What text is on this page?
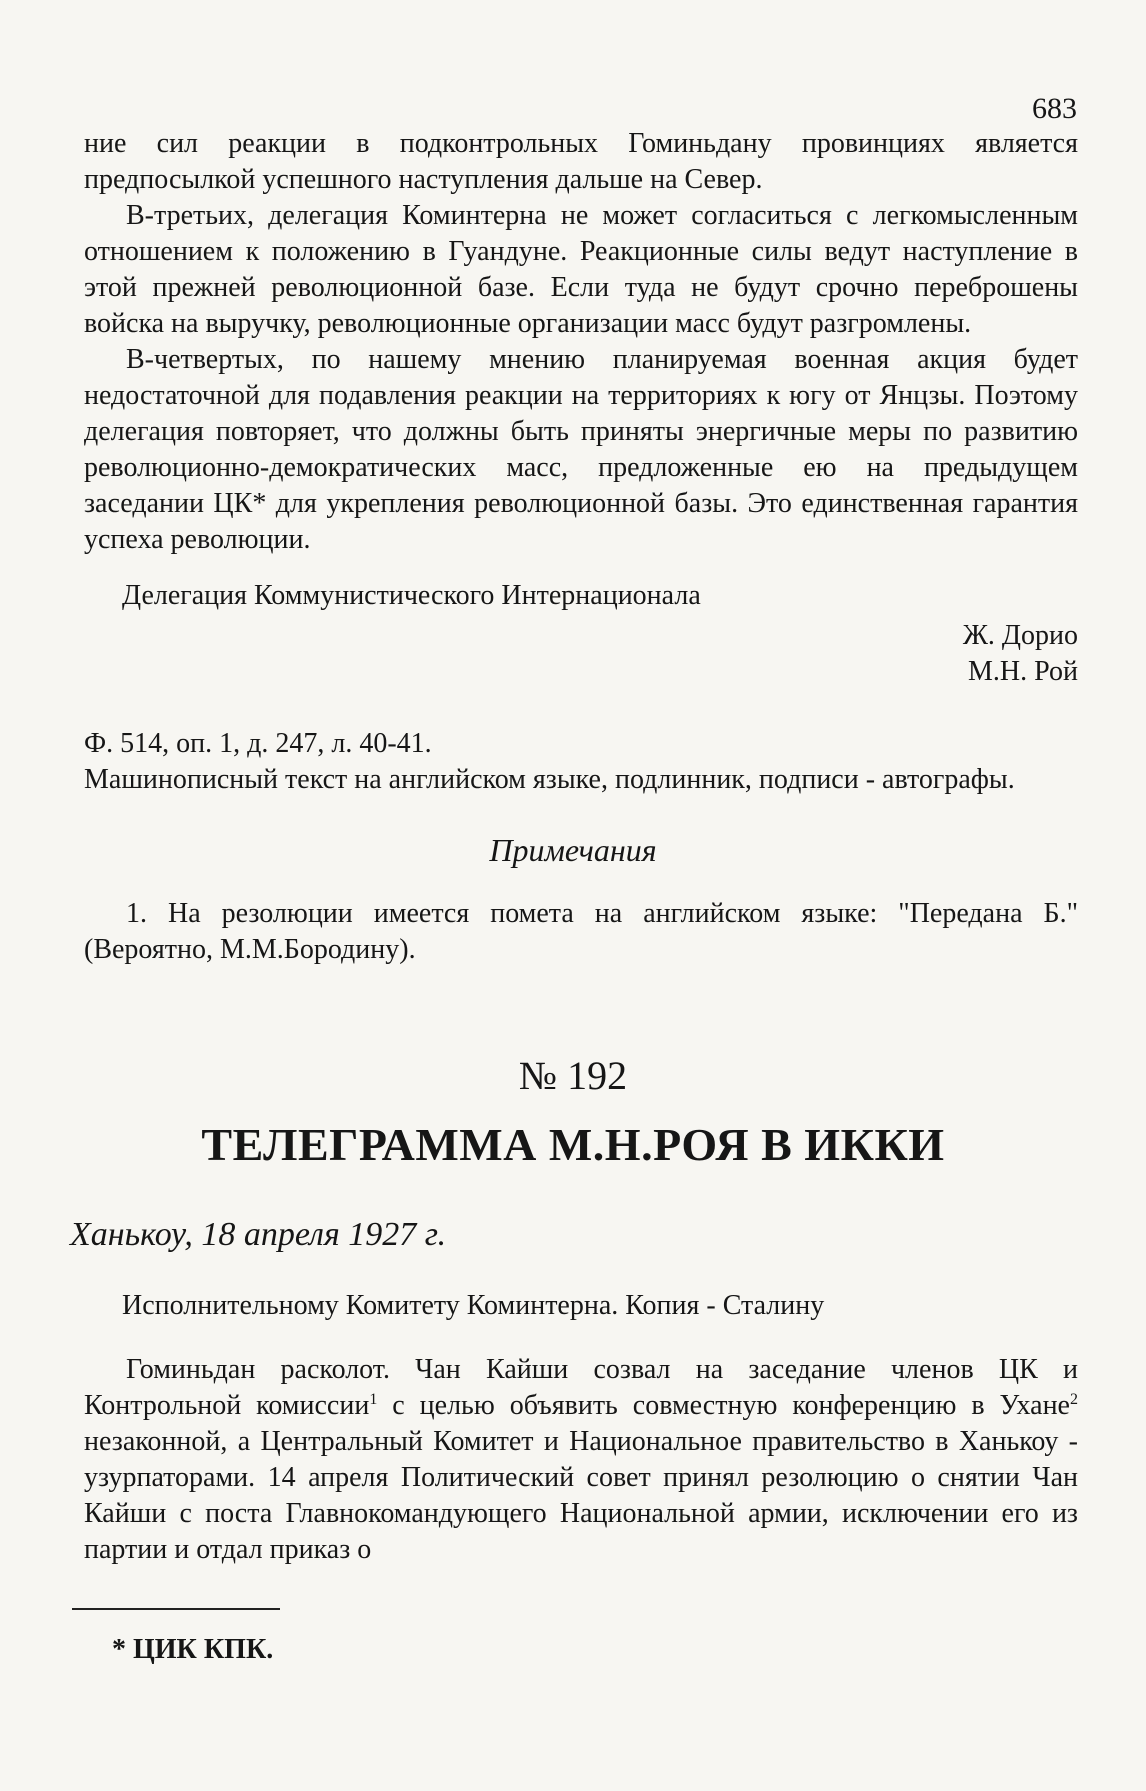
683

ние сил реакции в подконтрольных Гоминьдану провинциях является предпосылкой успешного наступления дальше на Север.

В-третьих, делегация Коминтерна не может согласиться с легкомысленным отношением к положению в Гуандуне. Реакционные силы ведут наступление в этой прежней революционной базе. Если туда не будут срочно переброшены войска на выручку, революционные организации масс будут разгромлены.

В-четвертых, по нашему мнению планируемая военная акция будет недостаточной для подавления реакции на территориях к югу от Янцзы. Поэтому делегация повторяет, что должны быть приняты энергичные меры по развитию революционно-демократических масс, предложенные ею на предыдущем заседании ЦК* для укрепления революционной базы. Это единственная гарантия успеха революции.

Делегация Коммунистического Интернационала
Ж. Дорио
М.Н. Рой
Ф. 514, оп. 1, д. 247, л. 40-41.
Машинописный текст на английском языке, подлинник, подписи - автографы.
Примечания

1. На резолюции имеется помета на английском языке: "Передана Б." (Вероятно, М.М.Бородину).

№ 192
ТЕЛЕГРАММА М.Н.РОЯ В ИККИ
Ханькоу, 18 апреля 1927 г.
Исполнительному Комитету Коминтерна. Копия - Сталину

Гоминьдан расколот. Чан Кайши созвал на заседание членов ЦК и Контрольной комиссии$^1$ с целью объявить совместную конференцию в Ухане$^2$ незаконной, а Центральный Комитет и Национальное правительство в Ханькоу - узурпаторами. 14 апреля Политический совет принял резолюцию о снятии Чан Кайши с поста Главнокомандующего Национальной армии, исключении его из партии и отдал приказ о

* ЦИК КПК.
